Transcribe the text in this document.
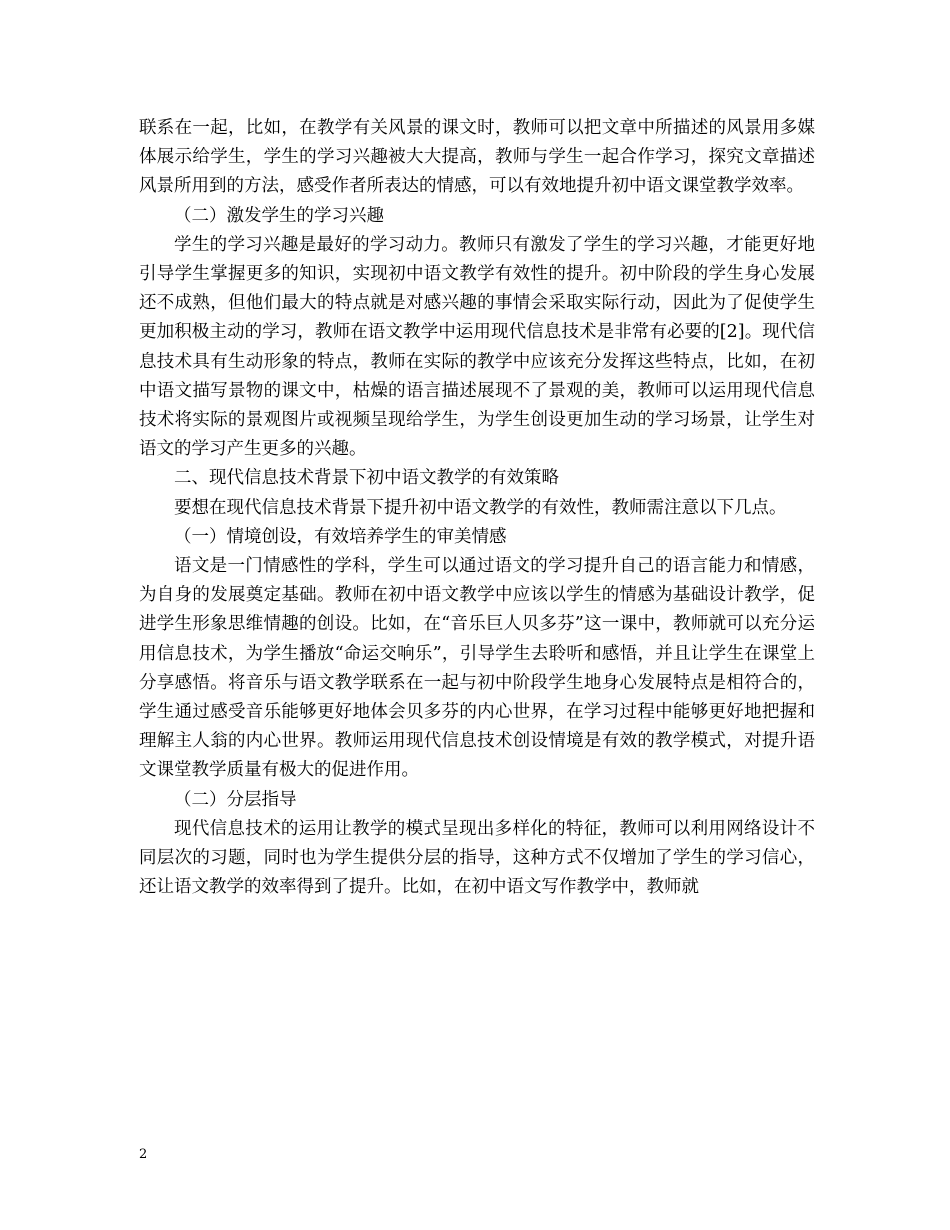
联系在一起，比如，在教学有关风景的课文时，教师可以把文章中所描述的风景用多媒体展示给学生，学生的学习兴趣被大大提高，教师与学生一起合作学习，探究文章描述风景所用到的方法，感受作者所表达的情感，可以有效地提升初中语文课堂教学效率。

（二）激发学生的学习兴趣

学生的学习兴趣是最好的学习动力。教师只有激发了学生的学习兴趣，才能更好地引导学生掌握更多的知识，实现初中语文教学有效性的提升。初中阶段的学生身心发展还不成熟，但他们最大的特点就是对感兴趣的事情会采取实际行动，因此为了促使学生更加积极主动的学习，教师在语文教学中运用现代信息技术是非常有必要的[2]。现代信息技术具有生动形象的特点，教师在实际的教学中应该充分发挥这些特点，比如，在初中语文描写景物的课文中，枯燥的语言描述展现不了景观的美，教师可以运用现代信息技术将实际的景观图片或视频呈现给学生，为学生创设更加生动的学习场景，让学生对语文的学习产生更多的兴趣。

二、现代信息技术背景下初中语文教学的有效策略

要想在现代信息技术背景下提升初中语文教学的有效性，教师需注意以下几点。

（一）情境创设，有效培养学生的审美情感

语文是一门情感性的学科，学生可以通过语文的学习提升自己的语言能力和情感，为自身的发展奠定基础。教师在初中语文教学中应该以学生的情感为基础设计教学，促进学生形象思维情趣的创设。比如，在“音乐巨人贝多芬”这一课中，教师就可以充分运用信息技术，为学生播放“命运交响乐”，引导学生去聆听和感悟，并且让学生在课堂上分享感悟。将音乐与语文教学联系在一起与初中阶段学生地身心发展特点是相符合的，学生通过感受音乐能够更好地体会贝多芬的内心世界，在学习过程中能够更好地把握和理解主人翁的内心世界。教师运用现代信息技术创设情境是有效的教学模式，对提升语文课堂教学质量有极大的促进作用。

（二）分层指导

现代信息技术的运用让教学的模式呈现出多样化的特征，教师可以利用网络设计不同层次的习题，同时也为学生提供分层的指导，这种方式不仅增加了学生的学习信心，还让语文教学的效率得到了提升。比如，在初中语文写作教学中，教师就

2
